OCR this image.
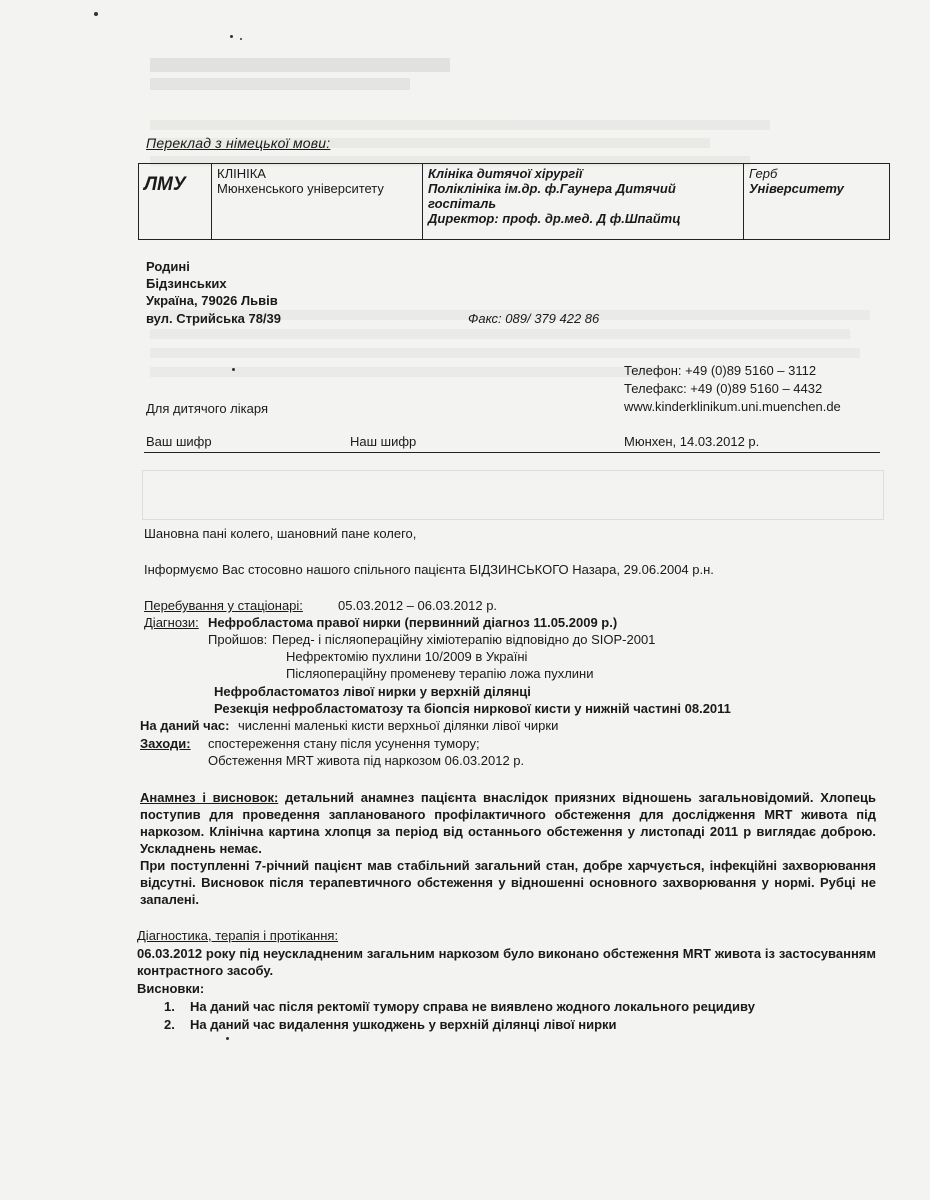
Переклад з німецької мови:
ЛМУ

КЛІНІКА
Мюнхенського університету

Клініка дитячої хірургії
Поліклініка ім.др. ф.Гаунера Дитячий
госпіталь
Директор: проф. др.мед. Д ф.Шпайтц

Герб
Університету
Родині
Бідзинських
Україна, 79026 Львів
вул. Стрийська 78/39	Факс: 089/ 379 422 86
Телефон: +49 (0)89 5160 – 3112
Телефакс: +49 (0)89 5160 – 4432
www.kinderklinikum.uni.muenchen.de
Для дитячого лікаря
Ваш шифр	Наш шифр	Мюнхен, 14.03.2012 р.
Шановна пані колего, шановний пане колего,
Інформуємо Вас стосовно нашого спільного пацієнта БІДЗИНСЬКОГО Назара, 29.06.2004 р.н.
Перебування у стаціонарі:	05.03.2012 – 06.03.2012 р.
Діагнози: Нефробластома правої нирки (первинний діагноз 11.05.2009 р.)
Пройшов: Перед- і післяопераційну хіміотерапію відповідно до SIOP-2001
Нефректомію пухлини 10/2009 в Україні
Післяопераційну променеву терапію ложа пухлини
Нефробластоматоз лівої нирки у верхній ділянці
Резекція нефробластоматозу та біопсія ниркової кисти у нижній частині 08.2011
На даний час: численні маленькі кисти верхньої ділянки лівої чирки
Заходи: спостереження стану після усунення тумору;
Обстеження MRT живота під наркозом 06.03.2012 р.
Анамнез і висновок: детальний анамнез пацієнта внаслідок приязних відношень загальновідомий. Хлопець поступив для проведення запланованого профілактичного обстеження для дослідження MRT живота під наркозом. Клінічна картина хлопця за період від останнього обстеження у листопаді 2011 р виглядає доброю. Ускладнень немає.
При поступленні 7-річний пацієнт мав стабільний загальний стан, добре харчується, інфекційні захворювання відсутні. Висновок після терапевтичного обстеження у відношенні основного захворювання у нормі. Рубці не запалені.
Діагностика, терапія і протікання:
06.03.2012 року під неускладненим загальним наркозом було виконано обстеження MRT живота із застосуванням контрастного засобу.
Висновки:
1. На даний час після ректомії тумору справа не виявлено жодного локального рецидиву
2. На даний час видалення ушкоджень у верхній ділянці лівої нирки
